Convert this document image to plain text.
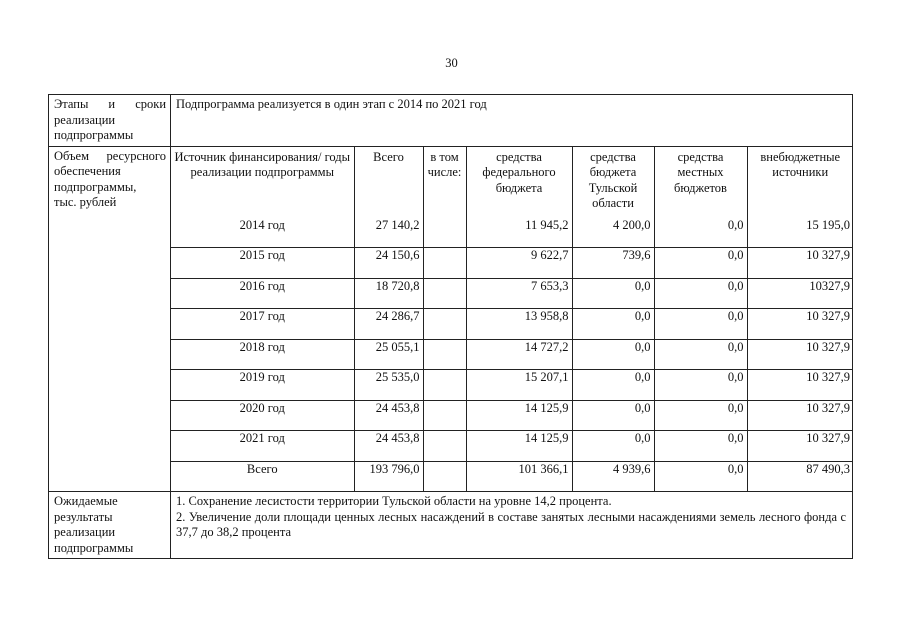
30
Этапы и сроки
реализации
подпрограммы
	Подпрограмма реализуется в один этап с 2014 по 2021 год

Объем ресурсного
обеспечения
подпрограммы,
тыс. рублей

Источник финансирования/ годы реализации подпрограммы	Всего	в том числе:	средства федерального бюджета	средства бюджета Тульской области	средства местных бюджетов	внебюджетные источники
2014 год	27 140,2		11 945,2	4 200,0	0,0	15 195,0
2015 год	24 150,6		9 622,7	739,6	0,0	10 327,9
2016 год	18 720,8		7 653,3	0,0	0,0	10327,9
2017 год	24 286,7		13 958,8	0,0	0,0	10 327,9
2018 год	25 055,1		14 727,2	0,0	0,0	10 327,9
2019 год	25 535,0		15 207,1	0,0	0,0	10 327,9
2020 год	24 453,8		14 125,9	0,0	0,0	10 327,9
2021 год	24 453,8		14 125,9	0,0	0,0	10 327,9
Всего	193 796,0		101 366,1	4 939,6	0,0	87 490,3

Ожидаемые
результаты
реализации
подпрограммы

1. Сохранение лесистости территории Тульской области на уровне 14,2 процента.
2. Увеличение доли площади ценных лесных насаждений в составе занятых лесными насаждениями земель лесного фонда с 37,7 до 38,2 процента
